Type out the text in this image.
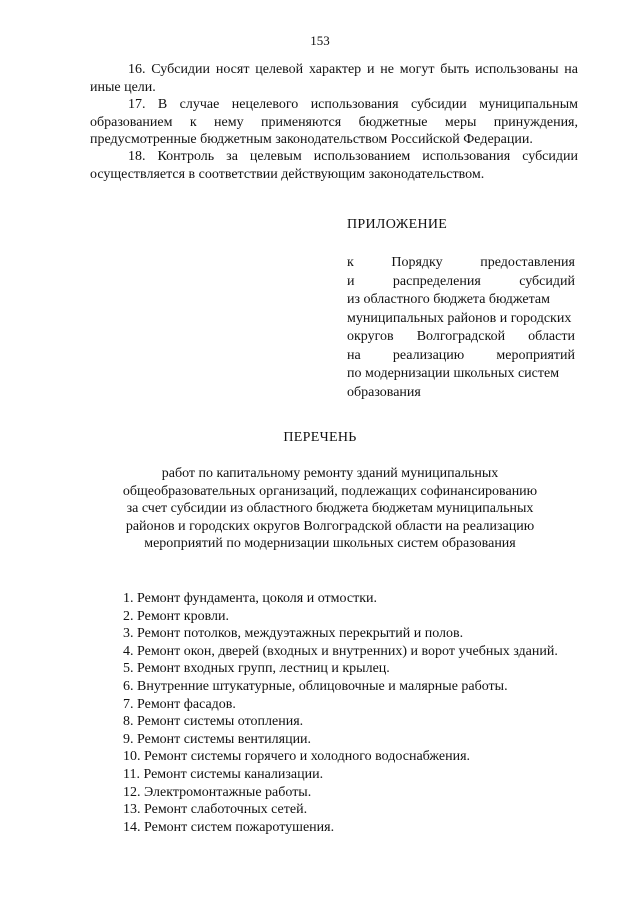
153

16. Субсидии носят целевой характер и не могут быть использованы на иные цели.

17. В случае нецелевого использования субсидии муниципальным образованием к нему применяются бюджетные меры принуждения, предусмотренные бюджетным законодательством Российской Федерации.

18. Контроль за целевым использованием использования субсидии осуществляется в соответствии действующим законодательством.

ПРИЛОЖЕНИЕ
к	Порядку	предоставления
и	распределения	субсидий
из областного бюджета бюджетам
муниципальных районов и городских
округов Волгоградской области
на реализацию мероприятий
по модернизации школьных систем
образования
ПЕРЕЧЕНЬ
работ по капитальному ремонту зданий муниципальных
общеобразовательных организаций, подлежащих софинансированию
за счет субсидии из областного бюджета бюджетам муниципальных
районов и городских округов Волгоградской области на реализацию
мероприятий по модернизации школьных систем образования
1. Ремонт фундамента, цоколя и отмостки.
2. Ремонт кровли.
3. Ремонт потолков, междуэтажных перекрытий и полов.
4. Ремонт окон, дверей (входных и внутренних) и ворот учебных зданий.
5. Ремонт входных групп, лестниц и крылец.
6. Внутренние штукатурные, облицовочные и малярные работы.
7. Ремонт фасадов.
8. Ремонт системы отопления.
9. Ремонт системы вентиляции.
10. Ремонт системы горячего и холодного водоснабжения.
11. Ремонт системы канализации.
12. Электромонтажные работы.
13. Ремонт слаботочных сетей.
14. Ремонт систем пожаротушения.
